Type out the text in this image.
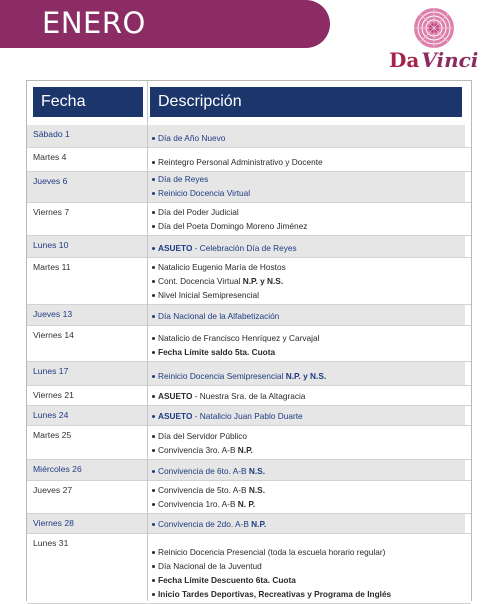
ENERO
Da Vinci
Fecha	Descripción
Sábado 1	Día de Año Nuevo
Martes 4	Reintegro Personal Administrativo y Docente
Jueves 6	Día de Reyes
Reinicio Docencia Virtual
Viernes 7	Día del Poder Judicial
Día del Poeta Domingo Moreno Jiménez
Lunes 10	ASUETO - Celebración Día de Reyes
Martes 11	Natalicio Eugenio María de Hostos
Cont. Docencia Virtual N.P. y N.S.
Nivel Inicial Semipresencial
Jueves 13	Día Nacional de la Alfabetización
Viernes 14	Natalicio de Francisco Henríquez y Carvajal
Fecha Límite saldo 5ta. Cuota
Lunes 17	Reinicio Docencia Semipresencial N.P. y N.S.
Viernes 21	ASUETO - Nuestra Sra. de la Altagracia
Lunes 24	ASUETO - Natalicio Juan Pablo Duarte
Martes 25	Día del Servidor Público
Convivencia 3ro. A-B N.P.
Miércoles 26	Convivencia de 6to. A-B N.S.
Jueves 27	Convivencia de 5to. A-B N.S.
Convivencia 1ro. A-B N. P.
Viernes 28	Convivencia de 2do. A-B N.P.
Lunes 31
Reinicio Docencia Presencial (toda la escuela horario regular)
Día Nacional de la Juventud
Fecha Límite Descuento 6ta. Cuota
Inicio Tardes Deportivas, Recreativas y Programa de Inglés
